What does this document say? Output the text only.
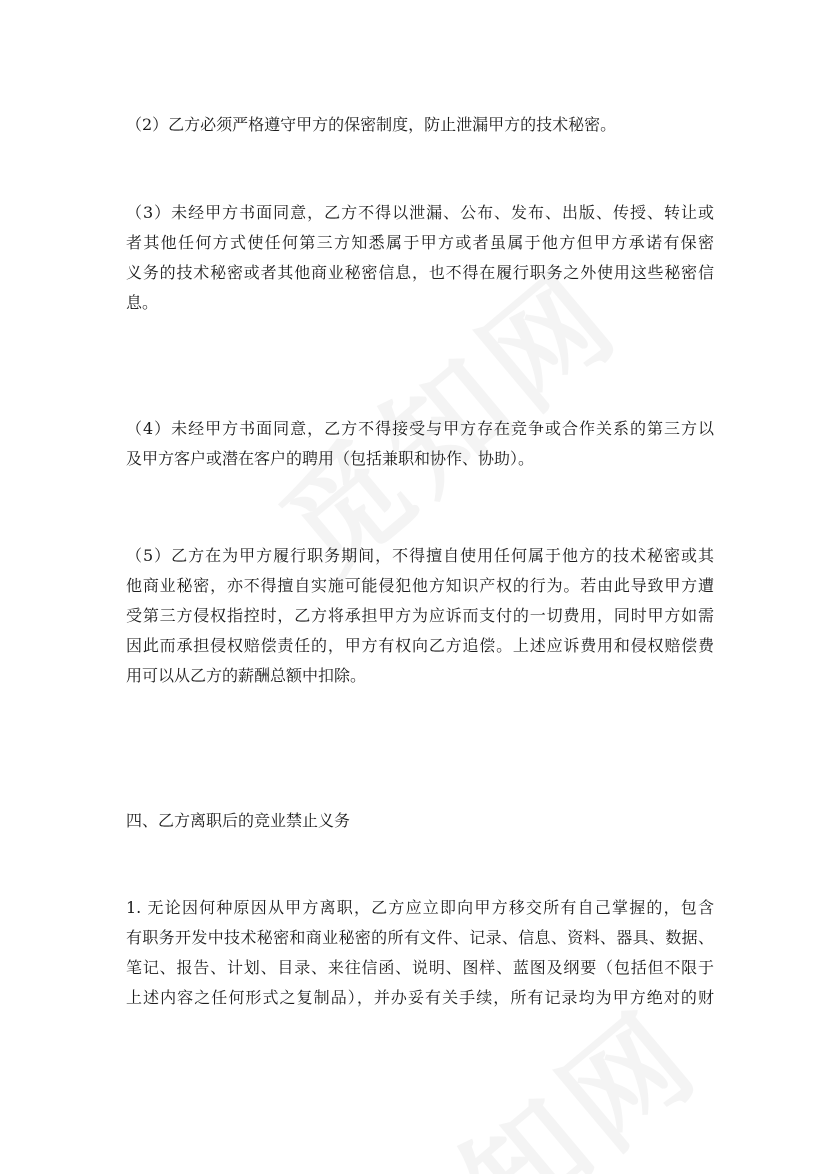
（2）乙方必须严格遵守甲方的保密制度，防止泄漏甲方的技术秘密。
（3）未经甲方书面同意，乙方不得以泄漏、公布、发布、出版、传授、转让或
者其他任何方式使任何第三方知悉属于甲方或者虽属于他方但甲方承诺有保密
义务的技术秘密或者其他商业秘密信息，也不得在履行职务之外使用这些秘密信
息。
（4）未经甲方书面同意，乙方不得接受与甲方存在竞争或合作关系的第三方以
及甲方客户或潜在客户的聘用（包括兼职和协作、协助）。
（5）乙方在为甲方履行职务期间，不得擅自使用任何属于他方的技术秘密或其
他商业秘密，亦不得擅自实施可能侵犯他方知识产权的行为。若由此导致甲方遭
受第三方侵权指控时，乙方将承担甲方为应诉而支付的一切费用，同时甲方如需
因此而承担侵权赔偿责任的，甲方有权向乙方追偿。上述应诉费用和侵权赔偿费
用可以从乙方的薪酬总额中扣除。
四、乙方离职后的竞业禁止义务
1. 无论因何种原因从甲方离职，乙方应立即向甲方移交所有自己掌握的，包含
有职务开发中技术秘密和商业秘密的所有文件、记录、信息、资料、器具、数据、
笔记、报告、计划、目录、来往信函、说明、图样、蓝图及纲要（包括但不限于
上述内容之任何形式之复制品），并办妥有关手续，所有记录均为甲方绝对的财
